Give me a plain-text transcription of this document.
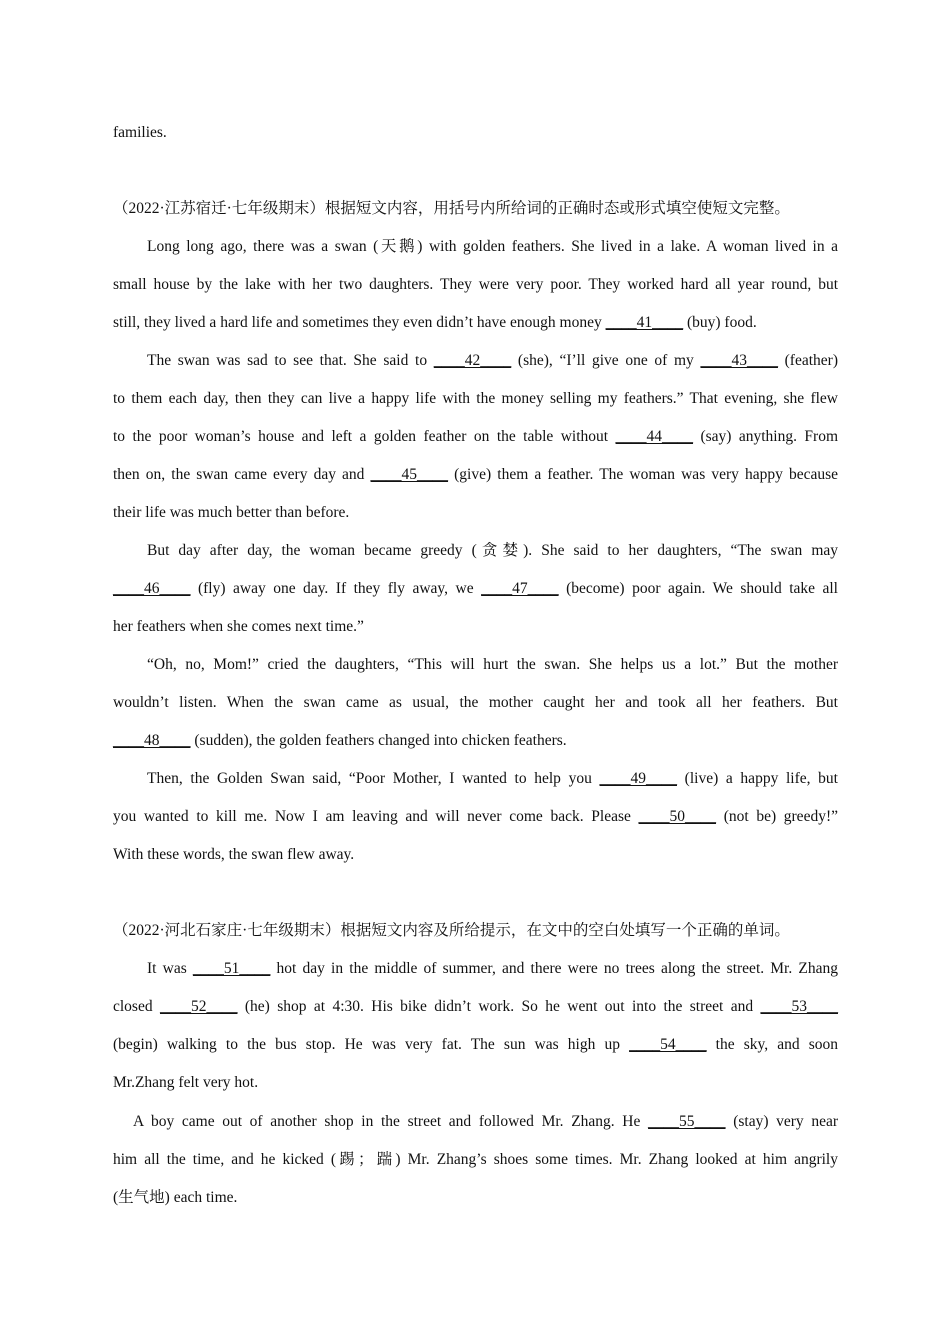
families.
（2022·江苏宿迁·七年级期末）根据短文内容，用括号内所给词的正确时态或形式填空使短文完整。
Long long ago, there was a swan (天鹅) with golden feathers. She lived in a lake. A woman lived in a
small house by the lake with her two daughters. They were very poor. They worked hard all year round, but
still, they lived a hard life and sometimes they even didn’t have enough money ____41____ (buy) food.
The swan was sad to see that. She said to ____42____ (she), “I’ll give one of my ____43____ (feather)
to them each day, then they can live a happy life with the money selling my feathers.” That evening, she flew
to the poor woman’s house and left a golden feather on the table without ____44____ (say) anything. From
then on, the swan came every day and ____45____ (give) them a feather. The woman was very happy because
their life was much better than before.
But day after day, the woman became greedy (贪婪). She said to her daughters, “The swan may
____46____ (fly) away one day. If they fly away, we ____47____ (become) poor again. We should take all
her feathers when she comes next time.”
“Oh, no, Mom!” cried the daughters, “This will hurt the swan. She helps us a lot.” But the mother
wouldn’t listen. When the swan came as usual, the mother caught her and took all her feathers. But
____48____ (sudden), the golden feathers changed into chicken feathers.
Then, the Golden Swan said, “Poor Mother, I wanted to help you ____49____ (live) a happy life, but
you wanted to kill me. Now I am leaving and will never come back. Please ____50____ (not be) greedy!”
With these words, the swan flew away.
（2022·河北石家庄·七年级期末）根据短文内容及所给提示，在文中的空白处填写一个正确的单词。
It was ____51____ hot day in the middle of summer, and there were no trees along the street. Mr. Zhang
closed ____52____ (he) shop at 4:30. His bike didn’t work. So he went out into the street and ____53____
(begin) walking to the bus stop. He was very fat. The sun was high up ____54____ the sky, and soon
Mr.Zhang felt very hot.
A boy came out of another shop in the street and followed Mr. Zhang. He ____55____ (stay) very near
him all the time, and he kicked (踢；踹) Mr. Zhang’s shoes some times. Mr. Zhang looked at him angrily
(生气地) each time.
